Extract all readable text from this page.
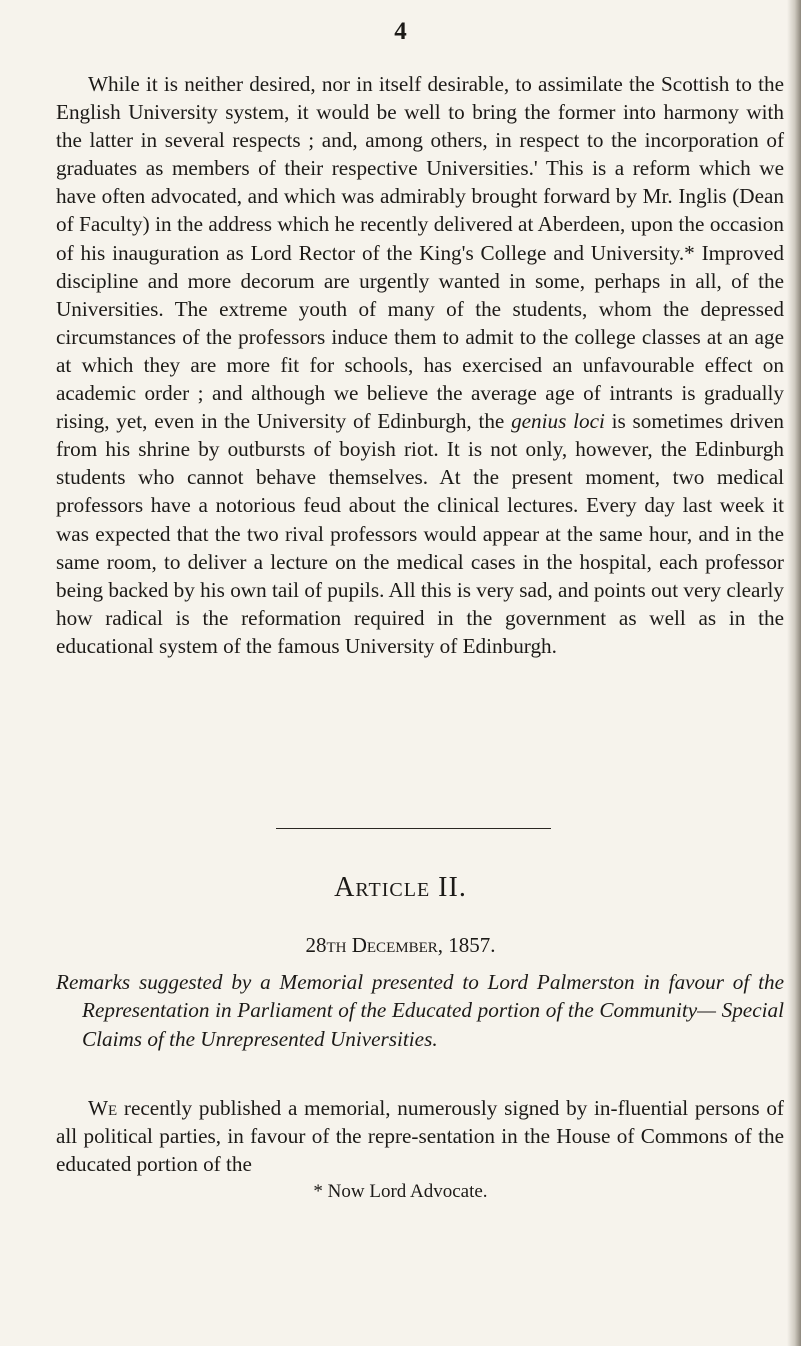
4

While it is neither desired, nor in itself desirable, to assimilate the Scottish to the English University system, it would be well to bring the former into harmony with the latter in several respects ; and, among others, in respect to the incorporation of graduates as members of their respective Universities.' This is a reform which we have often advocated, and which was admirably brought forward by Mr. Inglis (Dean of Faculty) in the address which he recently delivered at Aberdeen, upon the occasion of his inauguration as Lord Rector of the King's College and University.* Improved discipline and more decorum are urgently wanted in some, perhaps in all, of the Universities. The extreme youth of many of the students, whom the depressed circumstances of the professors induce them to admit to the college classes at an age at which they are more fit for schools, has exercised an unfavourable effect on academic order ; and although we believe the average age of intrants is gradually rising, yet, even in the University of Edinburgh, the genius loci is sometimes driven from his shrine by outbursts of boyish riot. It is not only, however, the Edinburgh students who cannot behave themselves. At the present moment, two medical professors have a notorious feud about the clinical lectures. Every day last week it was expected that the two rival professors would appear at the same hour, and in the same room, to deliver a lecture on the medical cases in the hospital, each professor being backed by his own tail of pupils. All this is very sad, and points out very clearly how radical is the reformation required in the government as well as in the educational system of the famous University of Edinburgh.

Article II.
28th December, 1857.

Remarks suggested by a Memorial presented to Lord Palmerston in favour of the Representation in Parliament of the Educated portion of the Community— Special Claims of the Unrepresented Universities.

We recently published a memorial, numerously signed by in-fluential persons of all political parties, in favour of the repre-sentation in the House of Commons of the educated portion of the

* Now Lord Advocate.
